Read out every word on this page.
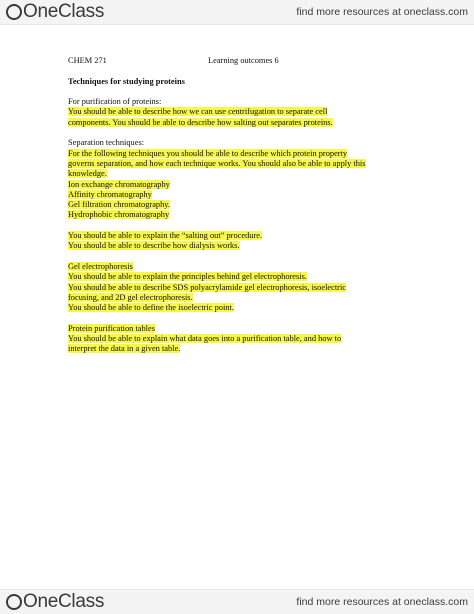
OneClass	find more resources at oneclass.com
CHEM 271	Learning outcomes 6

Techniques for studying proteins

For purification of proteins:

You should be able to describe how we can use centrifugation to separate cell

components. You should be able to describe how salting out separates proteins.

Separation techniques:

For the following techniques you should be able to describe which protein property

governs separation, and how each technique works. You should also be able to apply this

knowledge.

Ion exchange chromatography

Affinity chromatography

Gel filtration chromatography.

Hydrophobic chromatography

You should be able to explain the “salting out” procedure.

You should be able to describe how dialysis works.

Gel electrophoresis

You should be able to explain the principles behind gel electrophoresis.

You should be able to describe SDS polyacrylamide gel electrophoresis, isoelectric

focusing, and 2D gel electrophoresis.

You should be able to define the isoelectric point.

Protein purification tables

You should be able to explain what data goes into a purification table, and how to

interpret the data in a given table.

OneClass	find more resources at oneclass.com
